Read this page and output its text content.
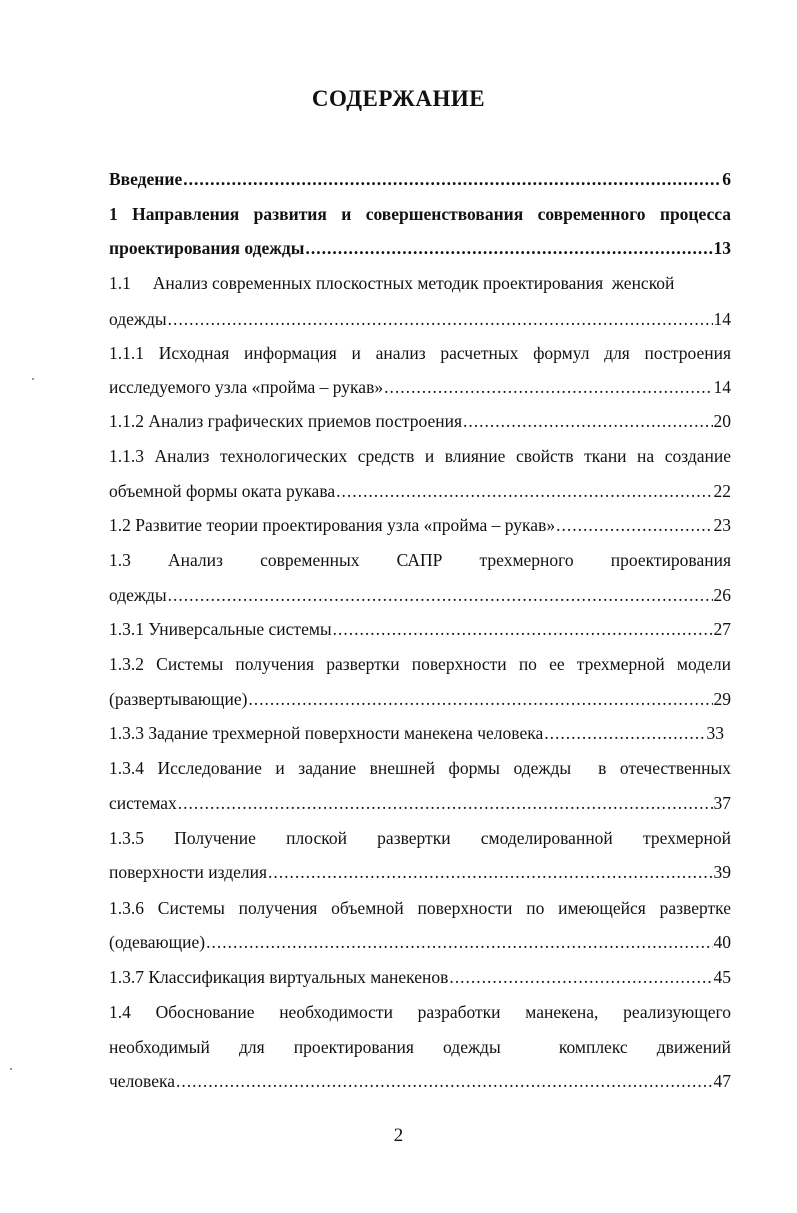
СОДЕРЖАНИЕ
Введение .....	6
1 Направления развития и совершенствования современного процесса
проектирования одежды .....	13
1.1     Анализ современных плоскостных методик проектирования  женской
одежды .....	14
1.1.1 Исходная информация и анализ расчетных формул для построения
исследуемого узла «пройма – рукав» .....	14
1.1.2 Анализ графических приемов построения .....	20
1.1.3 Анализ технологических средств и влияние свойств ткани на создание
объемной формы оката рукава .....	22
1.2 Развитие теории проектирования узла «пройма – рукав» .....	23
1.3 Анализ современных САПР трехмерного проектирования
одежды .....	26
1.3.1 Универсальные системы .....	27
1.3.2 Системы получения развертки поверхности по ее трехмерной модели
(развертывающие) .....	29
1.3.3 Задание трехмерной поверхности манекена человека .....	33
1.3.4 Исследование и задание внешней формы одежды  в отечественных
системах .....	37
1.3.5 Получение плоской развертки смоделированной трехмерной
поверхности изделия .....	39
1.3.6 Системы получения объемной поверхности по имеющейся развертке
(одевающие) .....	40
1.3.7 Классификация виртуальных манекенов .....	45
1.4 Обоснование необходимости разработки манекена, реализующего
необходимый для проектирования одежды  комплекс движений
человека .....	47
2
